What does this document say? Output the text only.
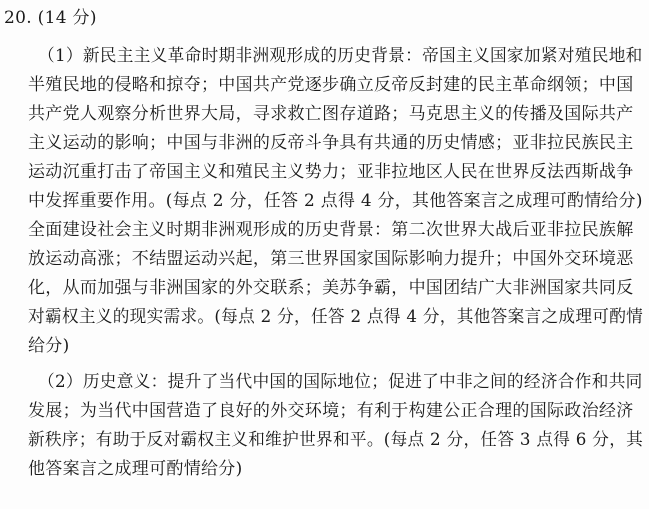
20. (14 分)
（1）新民主主义革命时期非洲观形成的历史背景：帝国主义国家加紧对殖民地和
半殖民地的侵略和掠夺；中国共产党逐步确立反帝反封建的民主革命纲领；中国
共产党人观察分析世界大局，寻求救亡图存道路；马克思主义的传播及国际共产
主义运动的影响；中国与非洲的反帝斗争具有共通的历史情感；亚非拉民族民主
运动沉重打击了帝国主义和殖民主义势力；亚非拉地区人民在世界反法西斯战争
中发挥重要作用。(每点 2 分，任答 2 点得 4 分，其他答案言之成理可酌情给分)
全面建设社会主义时期非洲观形成的历史背景：第二次世界大战后亚非拉民族解
放运动高涨；不结盟运动兴起，第三世界国家国际影响力提升；中国外交环境恶
化，从而加强与非洲国家的外交联系；美苏争霸，中国团结广大非洲国家共同反
对霸权主义的现实需求。(每点 2 分，任答 2 点得 4 分，其他答案言之成理可酌情
给分)
（2）历史意义：提升了当代中国的国际地位；促进了中非之间的经济合作和共同
发展；为当代中国营造了良好的外交环境；有利于构建公正合理的国际政治经济
新秩序；有助于反对霸权主义和维护世界和平。(每点 2 分，任答 3 点得 6 分，其
他答案言之成理可酌情给分)
